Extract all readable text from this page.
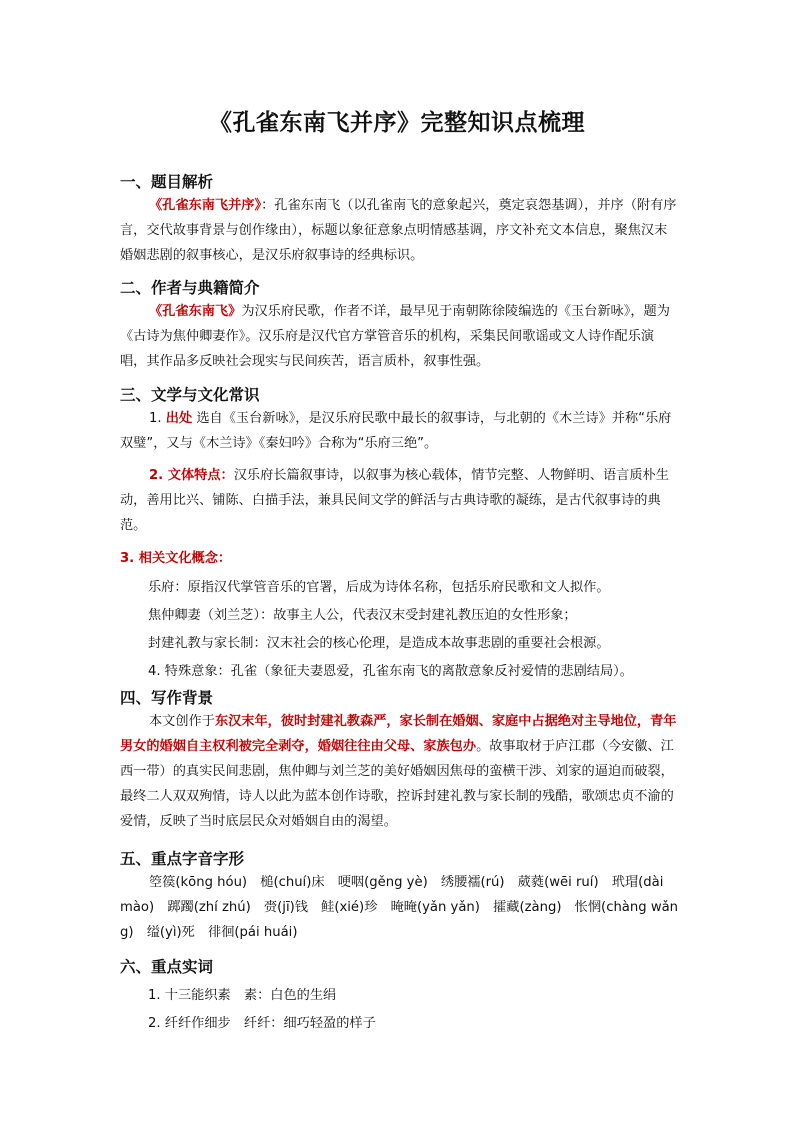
《孔雀东南飞并序》完整知识点梳理
一、题目解析
《孔雀东南飞并序》：孔雀东南飞（以孔雀南飞的意象起兴，奠定哀怨基调），并序（附有序言，交代故事背景与创作缘由），标题以象征意象点明情感基调，序文补充文本信息，聚焦汉末婚姻悲剧的叙事核心，是汉乐府叙事诗的经典标识。
二、作者与典籍简介
《孔雀东南飞》为汉乐府民歌，作者不详，最早见于南朝陈徐陵编选的《玉台新咏》，题为《古诗为焦仲卿妻作》。汉乐府是汉代官方掌管音乐的机构，采集民间歌谣或文人诗作配乐演唱，其作品多反映社会现实与民间疾苦，语言质朴，叙事性强。
三、文学与文化常识
1. 出处 选自《玉台新咏》，是汉乐府民歌中最长的叙事诗，与北朝的《木兰诗》并称“乐府双璧”，又与《木兰诗》《秦妇吟》合称为“乐府三绝”。
2. 文体特点：汉乐府长篇叙事诗，以叙事为核心载体，情节完整、人物鲜明、语言质朴生动，善用比兴、铺陈、白描手法，兼具民间文学的鲜活与古典诗歌的凝练，是古代叙事诗的典范。
3. 相关文化概念：
乐府：原指汉代掌管音乐的官署，后成为诗体名称，包括乐府民歌和文人拟作。
焦仲卿妻（刘兰芝）：故事主人公，代表汉末受封建礼教压迫的女性形象；
封建礼教与家长制：汉末社会的核心伦理，是造成本故事悲剧的重要社会根源。
4. 特殊意象：孔雀（象征夫妻恩爱，孔雀东南飞的离散意象反衬爱情的悲剧结局）。
四、写作背景
本文创作于东汉末年，彼时封建礼教森严，家长制在婚姻、家庭中占据绝对主导地位，青年男女的婚姻自主权利被完全剥夺，婚姻往往由父母、家族包办。故事取材于庐江郡（今安徽、江西一带）的真实民间悲剧，焦仲卿与刘兰芝的美好婚姻因焦母的蛮横干涉、刘家的逼迫而破裂，最终二人双双殉情，诗人以此为蓝本创作诗歌，控诉封建礼教与家长制的残酷，歌颂忠贞不渝的爱情，反映了当时底层民众对婚姻自由的渴望。
五、重点字音字形
箜篌(kōng hóu)　槌(chuí)床　哽咽(gěng yè)　绣腰襦(rú)　葳蕤(wēi ruí)　玳瑁(dài mào)　踯躅(zhí zhú)　赍(jī)钱　鲑(xié)珍　晻晻(yǎn yǎn)　攉藏(zàng)　怅惘(chàng wǎng)　缢(yì)死　徘徊(pái huái)
六、重点实词
1. 十三能织素　素：白色的生绢
2. 纤纤作细步　纤纤：细巧轻盈的样子
